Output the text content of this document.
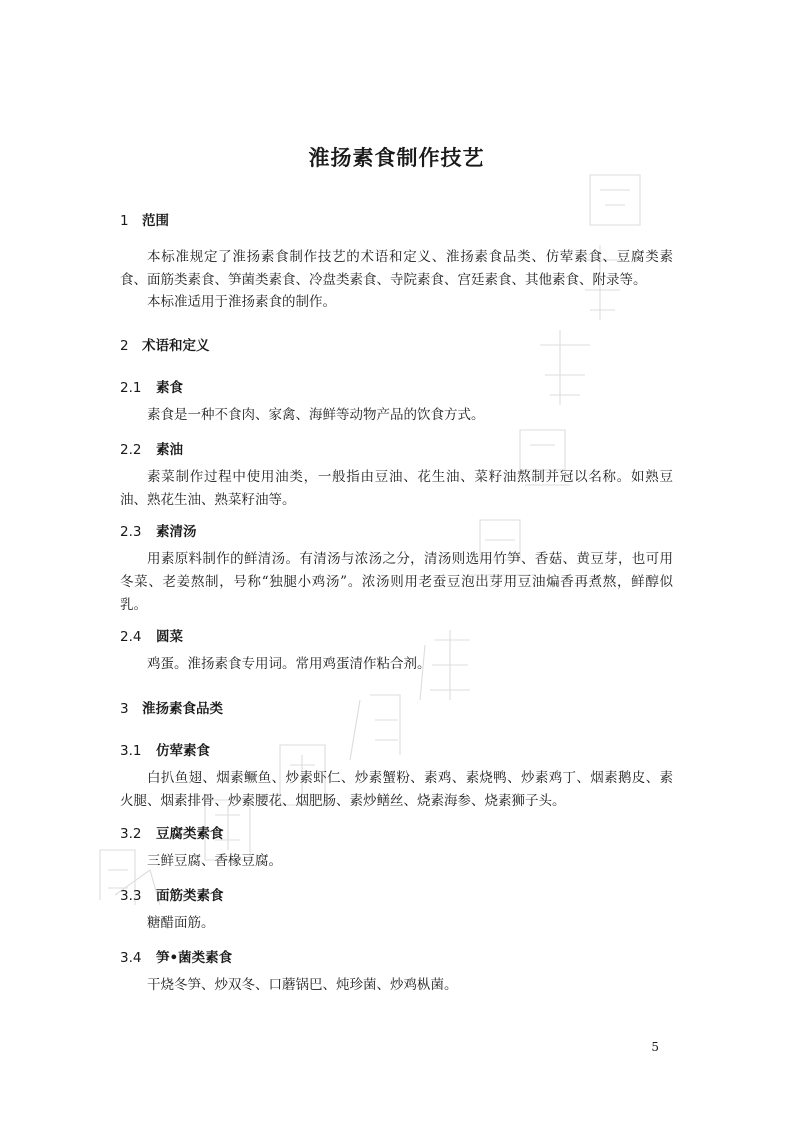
淮扬素食制作技艺
1 范围
本标准规定了淮扬素食制作技艺的术语和定义、淮扬素食品类、仿荤素食、豆腐类素食、面筋类素食、笋菌类素食、冷盘类素食、寺院素食、宫廷素食、其他素食、附录等。
本标准适用于淮扬素食的制作。
2 术语和定义
2.1 素食
素食是一种不食肉、家禽、海鲜等动物产品的饮食方式。
2.2 素油
素菜制作过程中使用油类，一般指由豆油、花生油、菜籽油熬制并冠以名称。如熟豆油、熟花生油、熟菜籽油等。
2.3 素清汤
用素原料制作的鲜清汤。有清汤与浓汤之分，清汤则选用竹笋、香菇、黄豆芽，也可用冬菜、老姜熬制，号称“独腿小鸡汤”。浓汤则用老蚕豆泡出芽用豆油煸香再煮熬，鲜醇似乳。
2.4 圆菜
鸡蛋。淮扬素食专用词。常用鸡蛋清作粘合剂。
3 淮扬素食品类
3.1 仿荤素食
白扒鱼翅、烟素鳜鱼、炒素虾仁、炒素蟹粉、素鸡、素烧鸭、炒素鸡丁、烟素鹅皮、素火腿、烟素排骨、炒素腰花、烟肥肠、素炒鳝丝、烧素海参、烧素狮子头。
3.2 豆腐类素食
三鲜豆腐、香椽豆腐。
3.3 面筋类素食
糖醋面筋。
3.4 笋•菌类素食
干烧冬笋、炒双冬、口蘑锅巴、炖珍菌、炒鸡枞菌。
5
